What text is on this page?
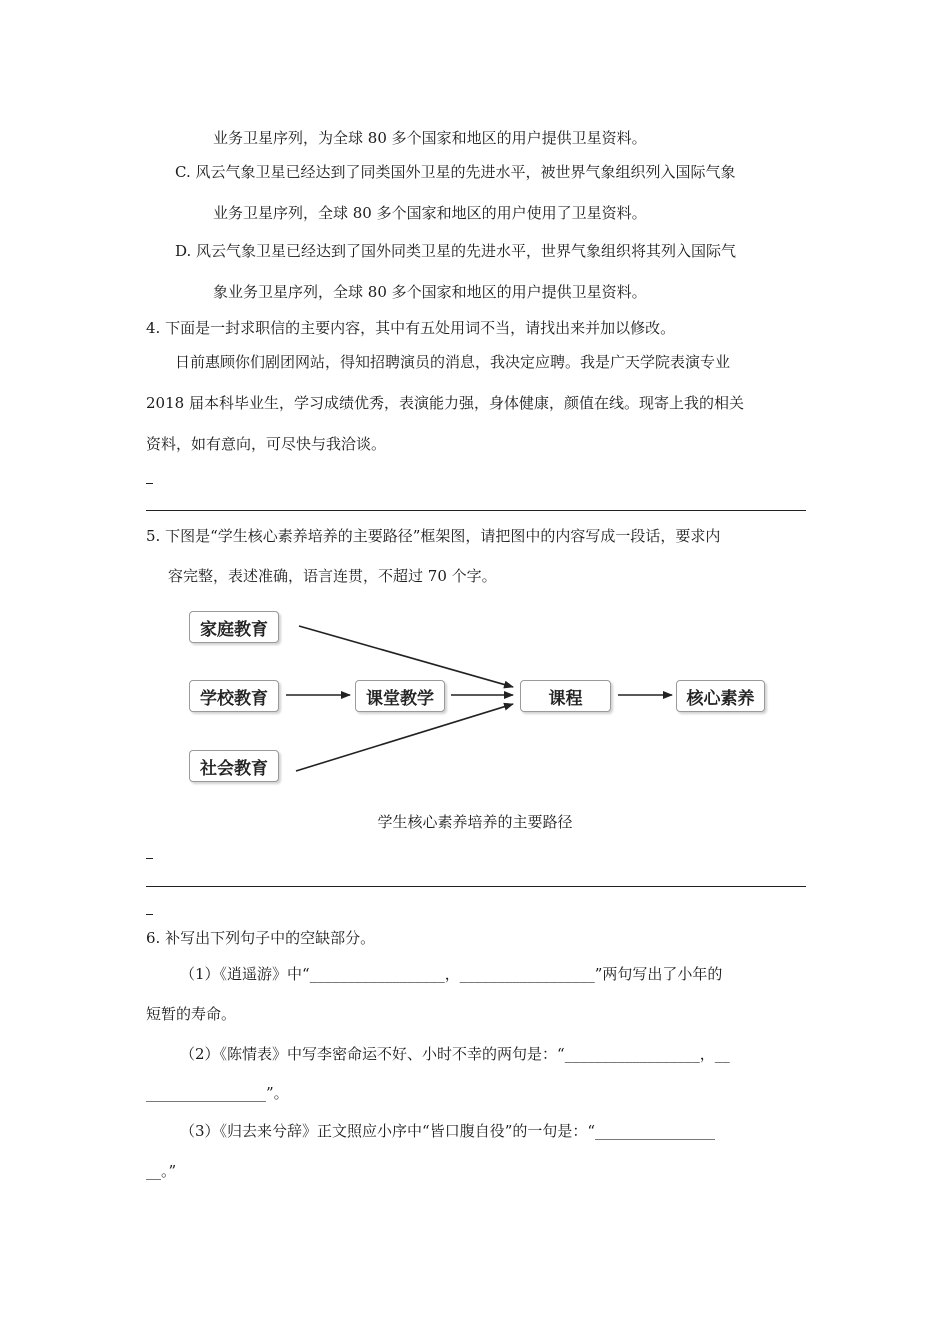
业务卫星序列，为全球 80 多个国家和地区的用户提供卫星资料。
C. 风云气象卫星已经达到了同类国外卫星的先进水平，被世界气象组织列入国际气象
业务卫星序列，全球 80 多个国家和地区的用户使用了卫星资料。
D. 风云气象卫星已经达到了国外同类卫星的先进水平，世界气象组织将其列入国际气
象业务卫星序列，全球 80 多个国家和地区的用户提供卫星资料。
4. 下面是一封求职信的主要内容，其中有五处用词不当，请找出来并加以修改。
日前惠顾你们剧团网站，得知招聘演员的消息，我决定应聘。我是广天学院表演专业
2018 届本科毕业生，学习成绩优秀，表演能力强，身体健康，颜值在线。现寄上我的相关
资料，如有意向，可尽快与我洽谈。
5. 下图是“学生核心素养培养的主要路径”框架图，请把图中的内容写成一段话，要求内
容完整，表述准确，语言连贯，不超过 70 个字。
家庭教育
学校教育
社会教育
课堂教学	课程	核心素养
学生核心素养培养的主要路径
6. 补写出下列句子中的空缺部分。
（1）《逍遥游》中“__________________，__________________”两句写出了小年的
短暂的寿命。
（2）《陈情表》中写李密命运不好、小时不幸的两句是：“__________________，__
________________”。
（3）《归去来兮辞》正文照应小序中“皆口腹自役”的一句是：“________________
__。”
